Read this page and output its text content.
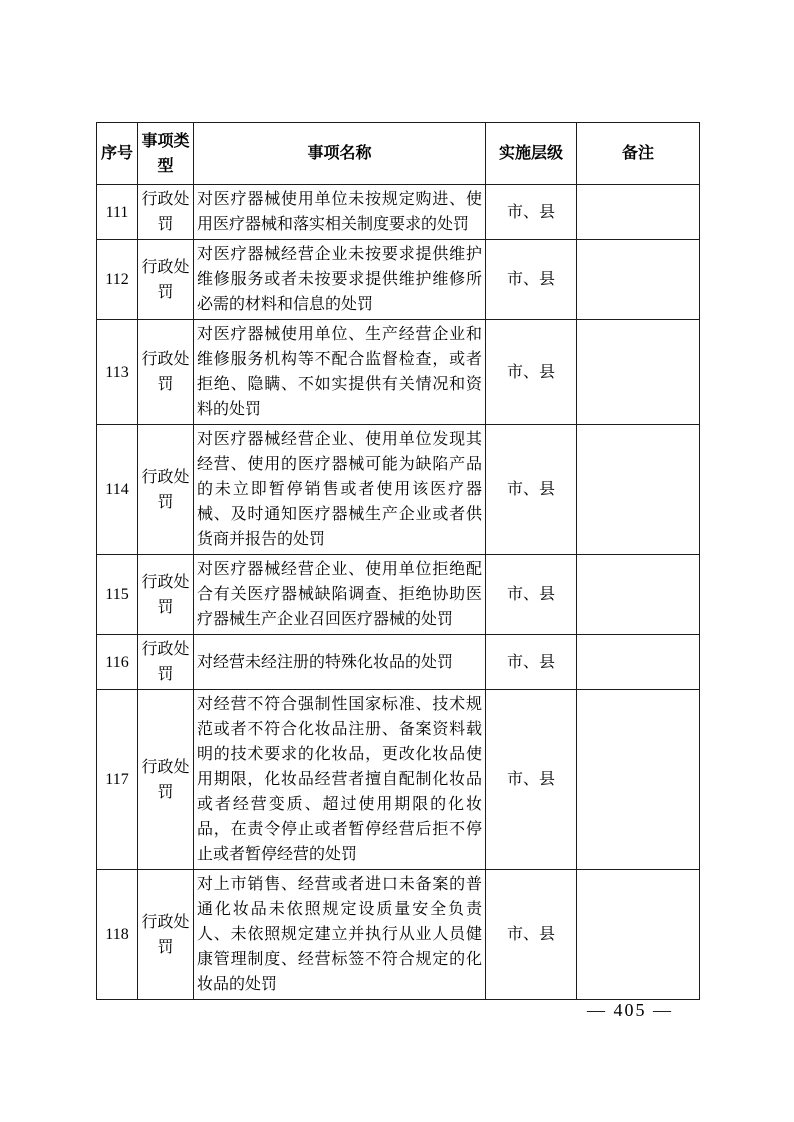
序号	事项类型	事项名称	实施层级	备注
111	行政处罚	对医疗器械使用单位未按规定购进、使用医疗器械和落实相关制度要求的处罚	市、县	
112	行政处罚	对医疗器械经营企业未按要求提供维护维修服务或者未按要求提供维护维修所必需的材料和信息的处罚	市、县	
113	行政处罚	对医疗器械使用单位、生产经营企业和维修服务机构等不配合监督检查，或者拒绝、隐瞒、不如实提供有关情况和资料的处罚	市、县	
114	行政处罚	对医疗器械经营企业、使用单位发现其经营、使用的医疗器械可能为缺陷产品的未立即暂停销售或者使用该医疗器械、及时通知医疗器械生产企业或者供货商并报告的处罚	市、县	
115	行政处罚	对医疗器械经营企业、使用单位拒绝配合有关医疗器械缺陷调查、拒绝协助医疗器械生产企业召回医疗器械的处罚	市、县	
116	行政处罚	对经营未经注册的特殊化妆品的处罚	市、县	
117	行政处罚	对经营不符合强制性国家标准、技术规范或者不符合化妆品注册、备案资料载明的技术要求的化妆品，更改化妆品使用期限，化妆品经营者擅自配制化妆品或者经营变质、超过使用期限的化妆品，在责令停止或者暂停经营后拒不停止或者暂停经营的处罚	市、县	
118	行政处罚	对上市销售、经营或者进口未备案的普通化妆品未依照规定设质量安全负责人、未依照规定建立并执行从业人员健康管理制度、经营标签不符合规定的化妆品的处罚	市、县	
— 405 —
